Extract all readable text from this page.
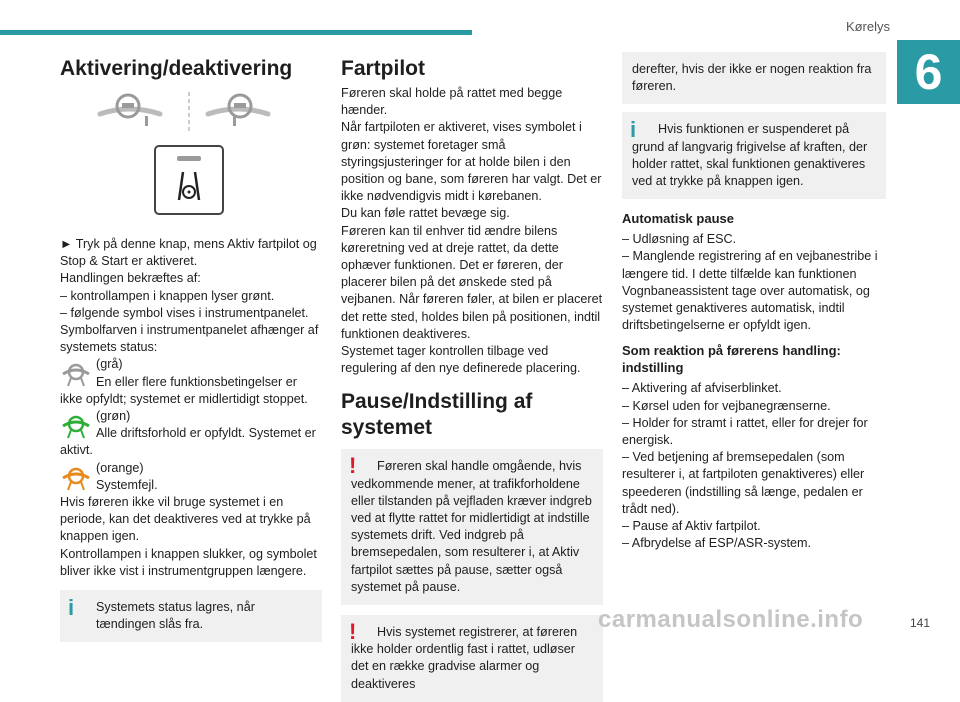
Kørelys
6

Aktivering/deaktivering

► Tryk på denne knap, mens Aktiv fartpilot og Stop & Start er aktiveret.

Handlingen bekræftes af:

– kontrollampen i knappen lyser grønt.

– følgende symbol vises i instrumentpanelet.

Symbolfarven i instrumentpanelet afhænger af systemets status:

(grå)

En eller flere funktionsbetingelser er ikke opfyldt; systemet er midlertidigt stoppet.

(grøn)

Alle driftsforhold er opfyldt. Systemet er aktivt.

(orange)

Systemfejl.

Hvis føreren ikke vil bruge systemet i en periode, kan det deaktiveres ved at trykke på knappen igen.

Kontrollampen i knappen slukker, og symbolet bliver ikke vist i instrumentgruppen længere.

i	Systemets status lagres, når tændingen slås fra.

Fartpilot

Føreren skal holde på rattet med begge hænder.

Når fartpiloten er aktiveret, vises symbolet i grøn: systemet foretager små styringsjusteringer for at holde bilen i den position og bane, som føreren har valgt. Det er ikke nødvendigvis midt i kørebanen.

Du kan føle rattet bevæge sig.

Føreren kan til enhver tid ændre bilens køreretning ved at dreje rattet, da dette ophæver funktionen. Det er føreren, der placerer bilen på det ønskede sted på vejbanen. Når føreren føler, at bilen er placeret det rette sted, holdes bilen på positionen, indtil funktionen deaktiveres.

Systemet tager kontrollen tilbage ved regulering af den nye definerede placering.

Pause/Indstilling af systemet

!	Føreren skal handle omgående, hvis vedkommende mener, at trafikforholdene eller tilstanden på vejfladen kræver indgreb ved at flytte rattet for midlertidigt at indstille systemets drift. Ved indgreb på bremsepedalen, som resulterer i, at Aktiv fartpilot sættes på pause, sætter også systemet på pause.

!	Hvis systemet registrerer, at føreren ikke holder ordentlig fast i rattet, udløser det en række gradvise alarmer og deaktiveres

derefter, hvis der ikke er nogen reaktion fra føreren.

i	Hvis funktionen er suspenderet på grund af langvarig frigivelse af kraften, der holder rattet, skal funktionen genaktiveres ved at trykke på knappen igen.

Automatisk pause

– Udløsning af ESC.

– Manglende registrering af en vejbanestribe i længere tid. I dette tilfælde kan funktionen Vognbaneassistent tage over automatisk, og systemet genaktiveres automatisk, indtil driftsbetingelserne er opfyldt igen.

Som reaktion på førerens handling: indstilling

– Aktivering af afviserblinket.

– Kørsel uden for vejbanegrænserne.

– Holder for stramt i rattet, eller for drejer for energisk.

– Ved betjening af bremsepedalen (som resulterer i, at fartpiloten genaktiveres) eller speederen (indstilling så længe, pedalen er trådt ned).

– Pause af Aktiv fartpilot.

– Afbrydelse af ESP/ASR-system.

carmanualsonline.info	141
